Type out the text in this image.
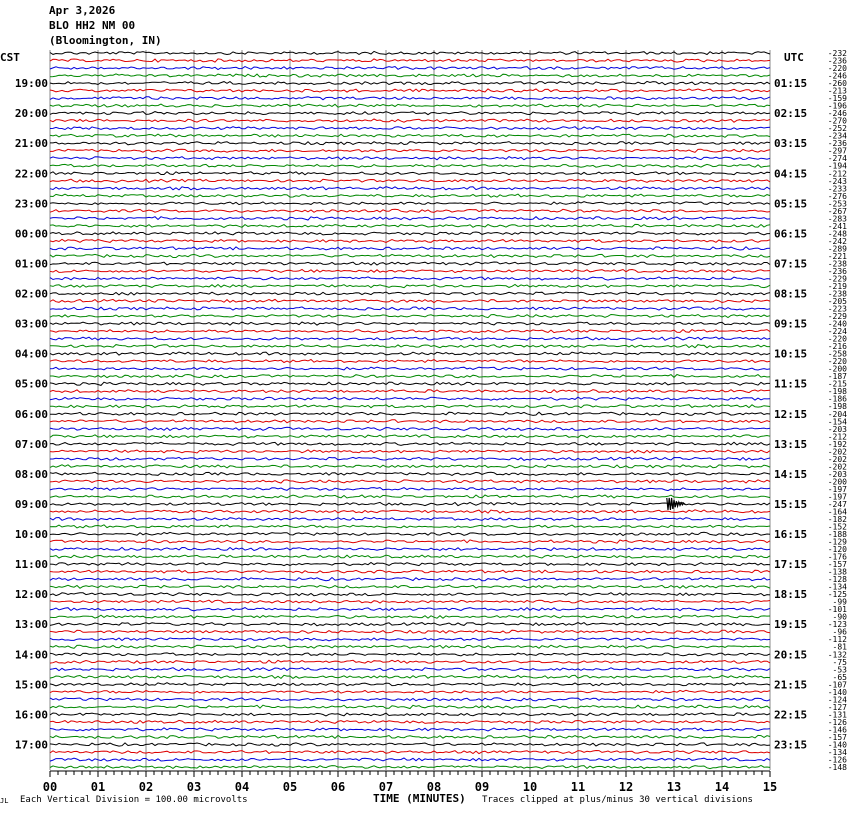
Apr 3,2026
BLO HH2 NM 00
(Bloomington, IN)
-232
-236
-220
-246
-260
-213
-159
-196
-246
-270
-252
-234
-236
-297
-274
-194
-212
-243
-233
-276
-253
-267
-283
-241
-248
-242
-289
-221
-238
-236
-229
-219
-238
-205
-223
-229
-240
-224
-220
-216
-258
-220
-200
-187
-215
-198
-186
-198
-204
-154
-203
-212
-192
-202
-202
-202
-203
-200
-197
-197
-247
-164
-182
-152
-188
-129
-120
-176
-157
-138
-128
-134
-125
-99
-101
-90
-123
-96
-112
-81
-132
-75
-53
-65
-107
-140
-124
-127
-131
-126
-146
-157
-140
-134
-126
-148
19:00
20:00
21:00
22:00
23:00
00:00
01:00
02:00
03:00
04:00
05:00
06:00
07:00
08:00
09:00
10:00
11:00
12:00
13:00
14:00
15:00
16:00
17:00
01:15
02:15
03:15
04:15
05:15
06:15
07:15
08:15
09:15
10:15
11:15
12:15
13:15
14:15
15:15
16:15
17:15
18:15
19:15
20:15
21:15
22:15
23:15
CST	UTC
00	01	02	03	04	05	06	07	08	09	10	11	12	13	14	15
JL Each Vertical Division = 100.00 microvolts	TIME (MINUTES) Traces clipped at plus/minus 30 vertical divisions
